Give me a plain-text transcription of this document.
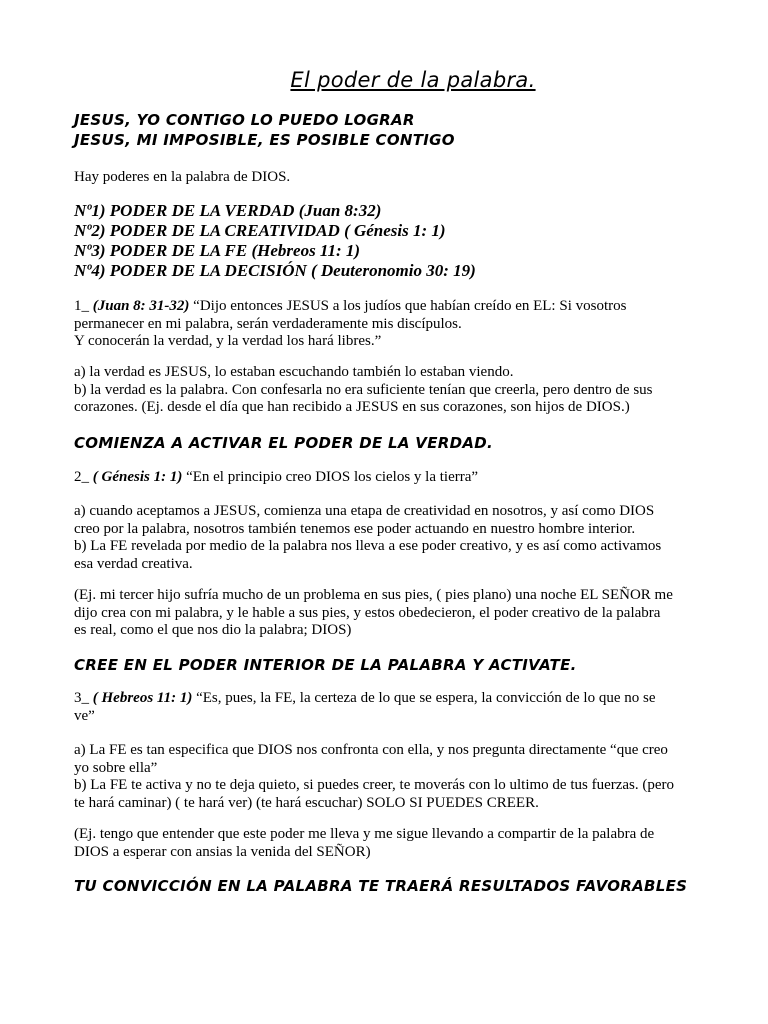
El poder de la palabra.
JESUS, YO CONTIGO LO PUEDO LOGRAR
JESUS, MI IMPOSIBLE, ES POSIBLE CONTIGO
Hay poderes en la palabra de DIOS.
Nº1) PODER DE LA VERDAD (Juan 8:32)
Nº2) PODER DE LA CREATIVIDAD ( Génesis 1: 1)
Nº3) PODER DE LA FE (Hebreos 11: 1)
Nº4) PODER DE LA DECISIÓN ( Deuteronomio 30: 19)
1_ (Juan 8: 31-32) “Dijo entonces JESUS a los judíos que habían creído en EL: Si vosotros
permanecer en mi palabra, serán verdaderamente mis discípulos.
Y conocerán la verdad, y la verdad los hará libres.”
a) la verdad es JESUS, lo estaban escuchando también lo estaban viendo.
b) la verdad es la palabra. Con confesarla no era suficiente tenían que creerla, pero dentro de sus
corazones. (Ej. desde el día que han recibido a JESUS en sus corazones, son hijos de DIOS.)
COMIENZA A ACTIVAR EL PODER DE LA VERDAD.
2_ ( Génesis 1: 1) “En el principio creo DIOS los cielos y la tierra”
a) cuando aceptamos a JESUS, comienza una etapa de creatividad en nosotros, y así como DIOS
creo por la palabra, nosotros también tenemos ese poder actuando en nuestro hombre interior.
b) La FE revelada por medio de la palabra nos lleva a ese poder creativo, y es así como activamos
esa verdad creativa.
(Ej. mi tercer hijo sufría mucho de un problema en sus pies, ( pies plano) una noche EL SEÑOR me
dijo crea con mi palabra, y le hable a sus pies, y estos obedecieron, el poder creativo de la palabra
es real, como el que nos dio la palabra; DIOS)
CREE EN EL PODER INTERIOR DE LA PALABRA Y ACTIVATE.
3_ ( Hebreos 11: 1) “Es, pues, la FE, la certeza de lo que se espera, la convicción de lo que no se
ve”
a) La FE es tan especifica que DIOS nos confronta con ella, y nos pregunta directamente “que creo
yo sobre ella”
b) La FE te activa y no te deja quieto, si puedes creer, te moverás con lo ultimo de tus fuerzas. (pero
te hará caminar) ( te hará ver) (te hará escuchar) SOLO SI PUEDES CREER.
(Ej. tengo que entender que este poder me lleva y me sigue llevando a compartir de la palabra de
DIOS a esperar con ansias la venida del SEÑOR)
TU CONVICCIÓN EN LA PALABRA TE TRAERÁ RESULTADOS FAVORABLES
